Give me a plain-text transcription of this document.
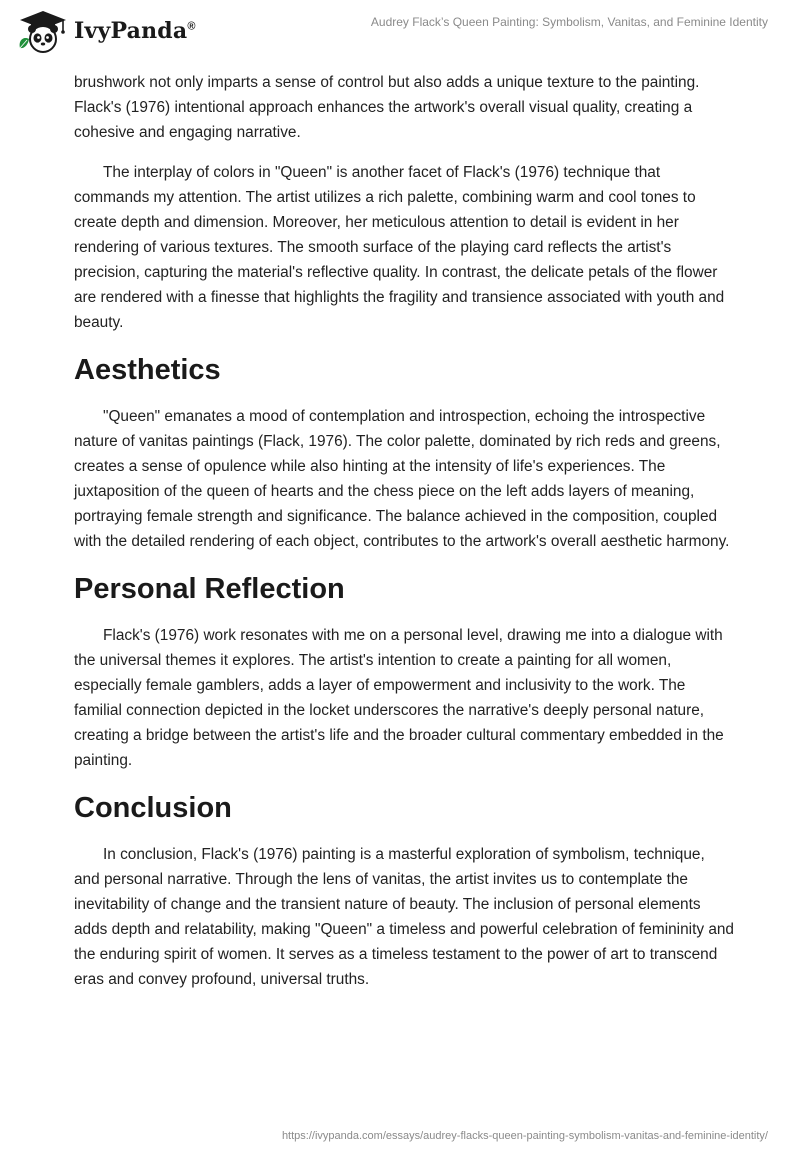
IvyPanda®	Audrey Flack’s Queen Painting: Symbolism, Vanitas, and Feminine Identity

brushwork not only imparts a sense of control but also adds a unique texture to the painting. Flack's (1976) intentional approach enhances the artwork's overall visual quality, creating a cohesive and engaging narrative.

The interplay of colors in "Queen" is another facet of Flack's (1976) technique that commands my attention. The artist utilizes a rich palette, combining warm and cool tones to create depth and dimension. Moreover, her meticulous attention to detail is evident in her rendering of various textures. The smooth surface of the playing card reflects the artist's precision, capturing the material's reflective quality. In contrast, the delicate petals of the flower are rendered with a finesse that highlights the fragility and transience associated with youth and beauty.

Aesthetics

"Queen" emanates a mood of contemplation and introspection, echoing the introspective nature of vanitas paintings (Flack, 1976). The color palette, dominated by rich reds and greens, creates a sense of opulence while also hinting at the intensity of life's experiences. The juxtaposition of the queen of hearts and the chess piece on the left adds layers of meaning, portraying female strength and significance. The balance achieved in the composition, coupled with the detailed rendering of each object, contributes to the artwork's overall aesthetic harmony.

Personal Reflection

Flack's (1976) work resonates with me on a personal level, drawing me into a dialogue with the universal themes it explores. The artist's intention to create a painting for all women, especially female gamblers, adds a layer of empowerment and inclusivity to the work. The familial connection depicted in the locket underscores the narrative's deeply personal nature, creating a bridge between the artist's life and the broader cultural commentary embedded in the painting.

Conclusion

In conclusion, Flack's (1976) painting is a masterful exploration of symbolism, technique, and personal narrative. Through the lens of vanitas, the artist invites us to contemplate the inevitability of change and the transient nature of beauty. The inclusion of personal elements adds depth and relatability, making "Queen" a timeless and powerful celebration of femininity and the enduring spirit of women. It serves as a timeless testament to the power of art to transcend eras and convey profound, universal truths.

https://ivypanda.com/essays/audrey-flacks-queen-painting-symbolism-vanitas-and-feminine-identity/
